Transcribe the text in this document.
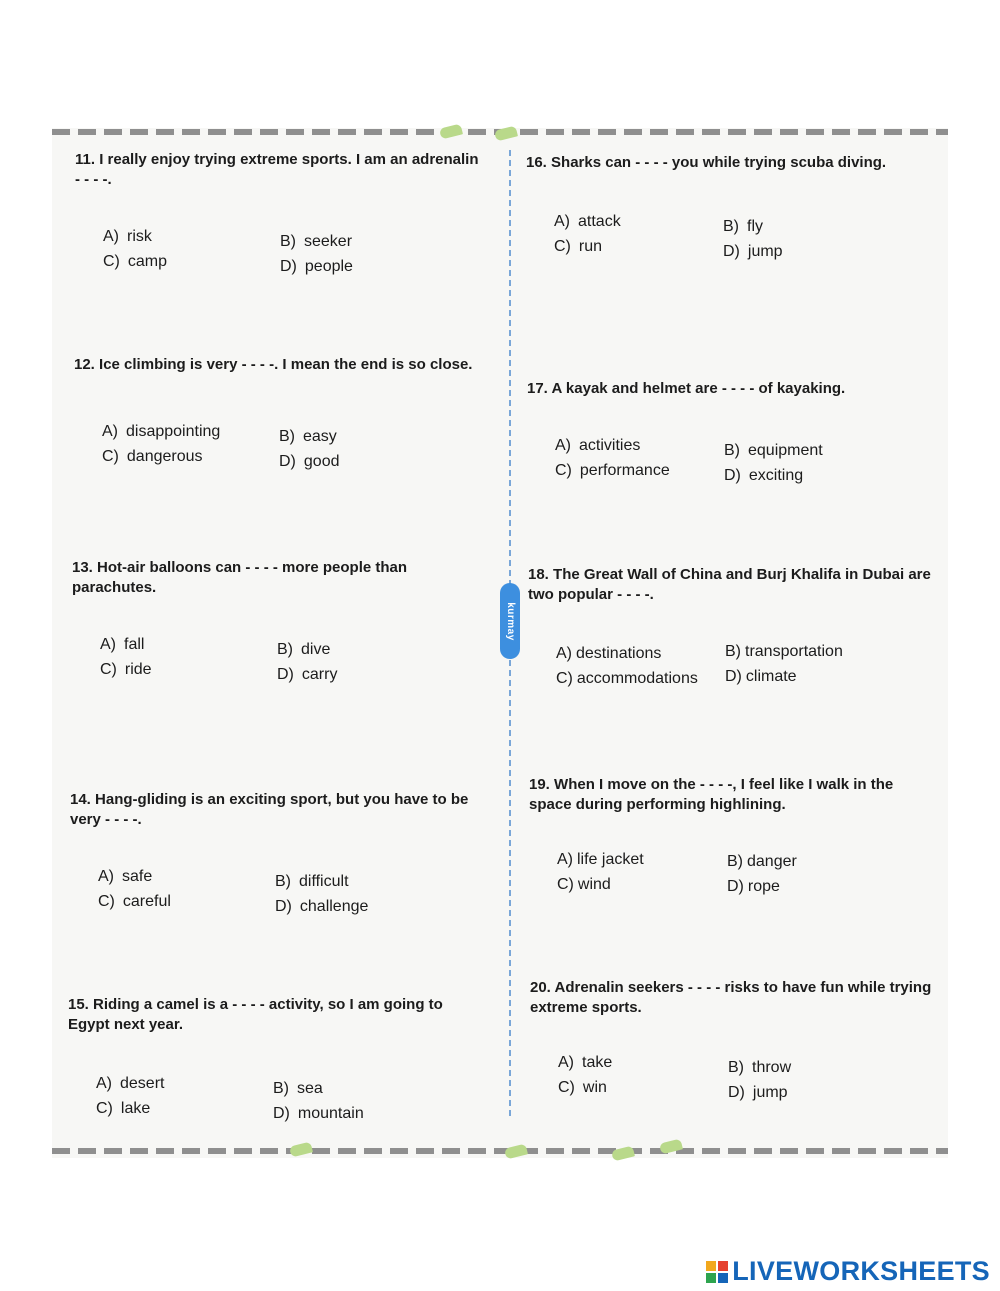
kurmay

11. I really enjoy trying extreme sports. I am an adrenalin - - - -.

A) risk	B) seeker
C) camp	D) people

12. Ice climbing is very - - - -. I mean the end is so close.

A) disappointing	B) easy
C) dangerous	D) good

13. Hot-air balloons can - - - - more people than parachutes.

A) fall	B) dive
C) ride	D) carry

14. Hang-gliding is an exciting sport, but you have to be very - - - -.

A) safe	B) difficult
C) careful	D) challenge

15. Riding a camel is a - - - - activity, so I am going to Egypt next year.

A) desert	B) sea
C) lake	D) mountain

16. Sharks can - - - - you while trying scuba diving.

A) attack	B) fly
C) run	D) jump

17. A kayak and helmet are - - - - of kayaking.

A) activities	B) equipment
C) performance	D) exciting

18. The Great Wall of China and Burj Khalifa in Dubai are two popular - - - -.

A) destinations	B) transportation
C) accommodations D) climate

19. When I move on the - - - -, I feel like I walk in the space during performing highlining.

A) life jacket	B) danger
C) wind	D) rope

20. Adrenalin seekers - - - - risks to have fun while trying extreme sports.

A) take	B) throw
C) win	D) jump
LIVEWORKSHEETS
